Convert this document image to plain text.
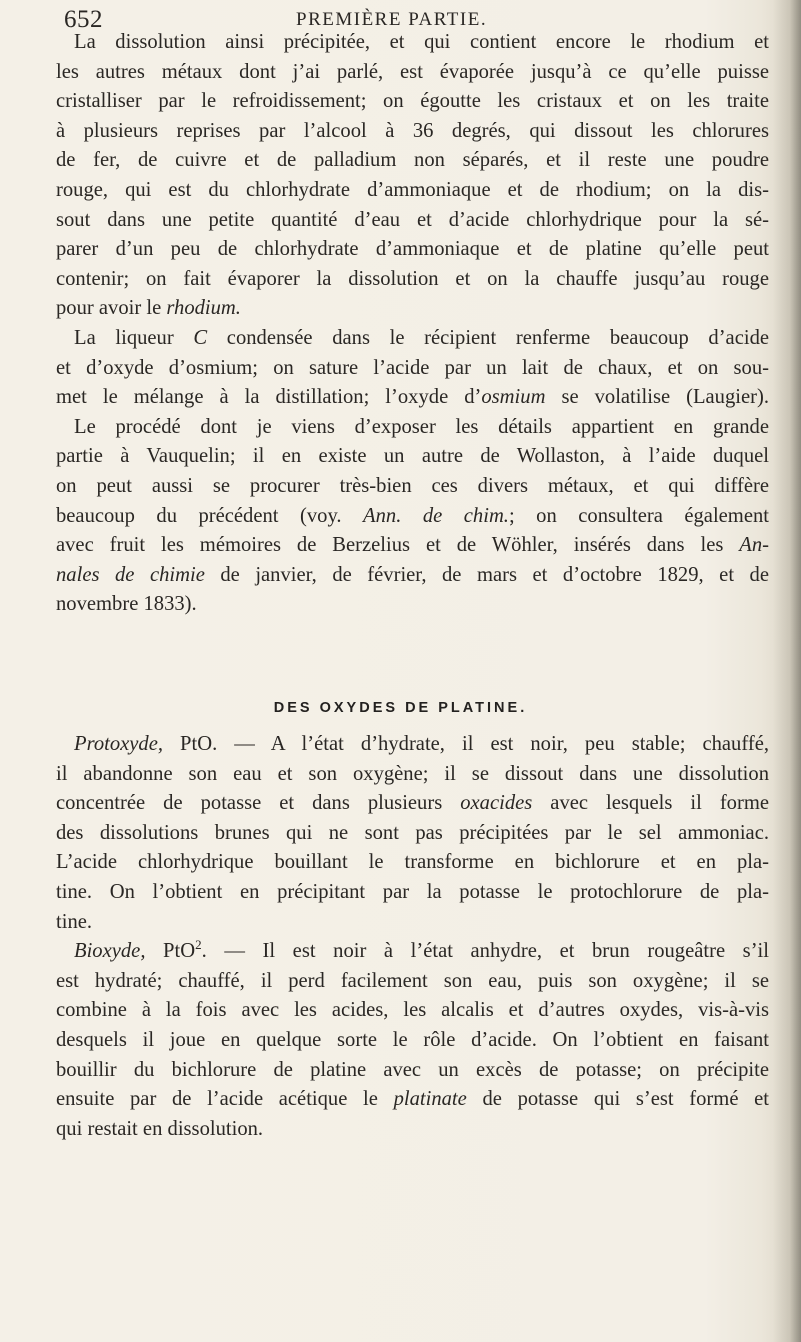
652	PREMIÈRE PARTIE.

La dissolution ainsi précipitée, et qui contient encore le rhodium et
les autres métaux dont j’ai parlé, est évaporée jusqu’à ce qu’elle puisse
cristalliser par le refroidissement; on égoutte les cristaux et on les traite
à plusieurs reprises par l’alcool à 36 degrés, qui dissout les chlorures
de fer, de cuivre et de palladium non séparés, et il reste une poudre
rouge, qui est du chlorhydrate d’ammoniaque et de rhodium; on la dis-
sout dans une petite quantité d’eau et d’acide chlorhydrique pour la sé-
parer d’un peu de chlorhydrate d’ammoniaque et de platine qu’elle peut
contenir; on fait évaporer la dissolution et on la chauffe jusqu’au rouge
pour avoir le rhodium.

La liqueur C condensée dans le récipient renferme beaucoup d’acide
et d’oxyde d’osmium; on sature l’acide par un lait de chaux, et on sou-
met le mélange à la distillation; l’oxyde d’osmium se volatilise (Laugier).

Le procédé dont je viens d’exposer les détails appartient en grande
partie à Vauquelin; il en existe un autre de Wollaston, à l’aide duquel
on peut aussi se procurer très-bien ces divers métaux, et qui diffère
beaucoup du précédent (voy. Ann. de chim.; on consultera également
avec fruit les mémoires de Berzelius et de Wöhler, insérés dans les An-
nales de chimie de janvier, de février, de mars et d’octobre 1829, et de
novembre 1833).

DES OXYDES DE PLATINE.

Protoxyde, PtO. — A l’état d’hydrate, il est noir, peu stable; chauffé,
il abandonne son eau et son oxygène; il se dissout dans une dissolution
concentrée de potasse et dans plusieurs oxacides avec lesquels il forme
des dissolutions brunes qui ne sont pas précipitées par le sel ammoniac.
L’acide chlorhydrique bouillant le transforme en bichlorure et en pla-
tine. On l’obtient en précipitant par la potasse le protochlorure de pla-
tine.

Bioxyde, PtO$^2$. — Il est noir à l’état anhydre, et brun rougeâtre s’il
est hydraté; chauffé, il perd facilement son eau, puis son oxygène; il se
combine à la fois avec les acides, les alcalis et d’autres oxydes, vis-à-vis
desquels il joue en quelque sorte le rôle d’acide. On l’obtient en faisant
bouillir du bichlorure de platine avec un excès de potasse; on précipite
ensuite par de l’acide acétique le platinate de potasse qui s’est formé et
qui restait en dissolution.
